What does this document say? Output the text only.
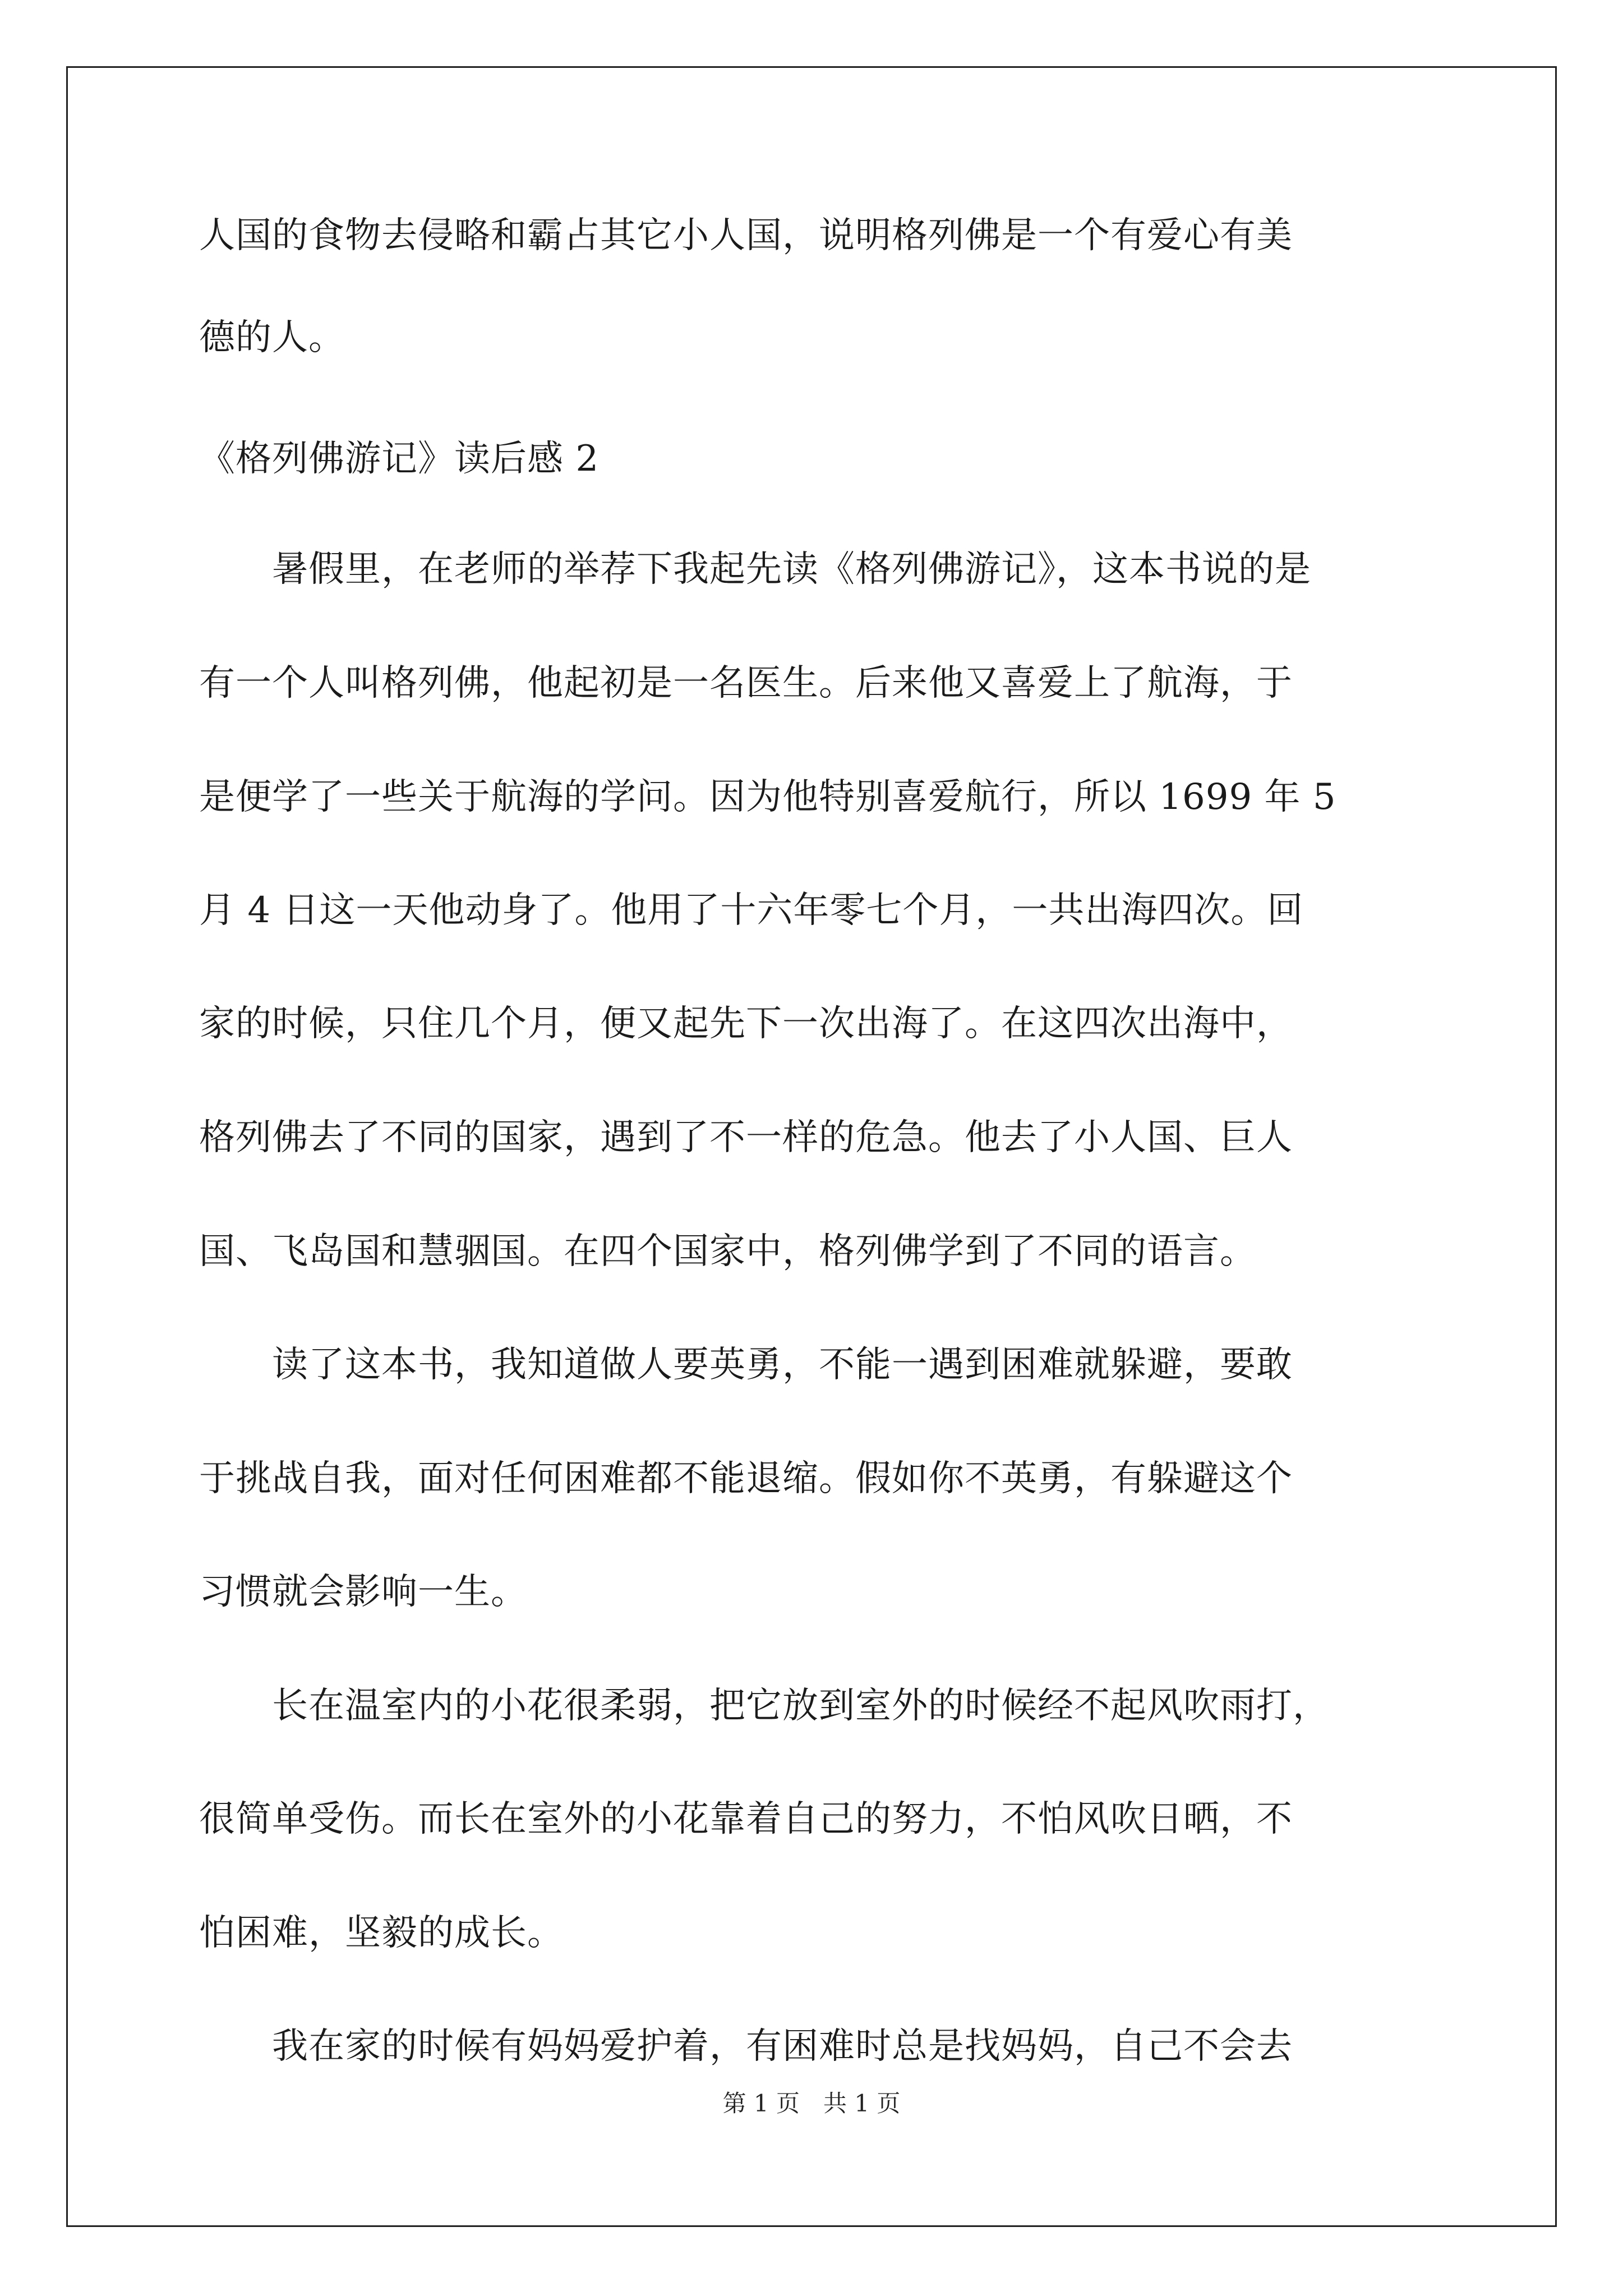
人国的食物去侵略和霸占其它小人国，说明格列佛是一个有爱心有美
德的人。
《格列佛游记》读后感 2
暑假里，在老师的举荐下我起先读《格列佛游记》，这本书说的是
有一个人叫格列佛，他起初是一名医生。后来他又喜爱上了航海，于
是便学了一些关于航海的学问。因为他特别喜爱航行，所以 1699 年 5
月 4 日这一天他动身了。他用了十六年零七个月，一共出海四次。回
家的时候，只住几个月，便又起先下一次出海了。在这四次出海中，
格列佛去了不同的国家，遇到了不一样的危急。他去了小人国、巨人
国、飞岛国和慧骃国。在四个国家中，格列佛学到了不同的语言。
读了这本书，我知道做人要英勇，不能一遇到困难就躲避，要敢
于挑战自我，面对任何困难都不能退缩。假如你不英勇，有躲避这个
习惯就会影响一生。
长在温室内的小花很柔弱，把它放到室外的时候经不起风吹雨打，
很简单受伤。而长在室外的小花靠着自己的努力，不怕风吹日晒，不
怕困难，坚毅的成长。
我在家的时候有妈妈爱护着，有困难时总是找妈妈，自己不会去
第 1 页　共 1 页
